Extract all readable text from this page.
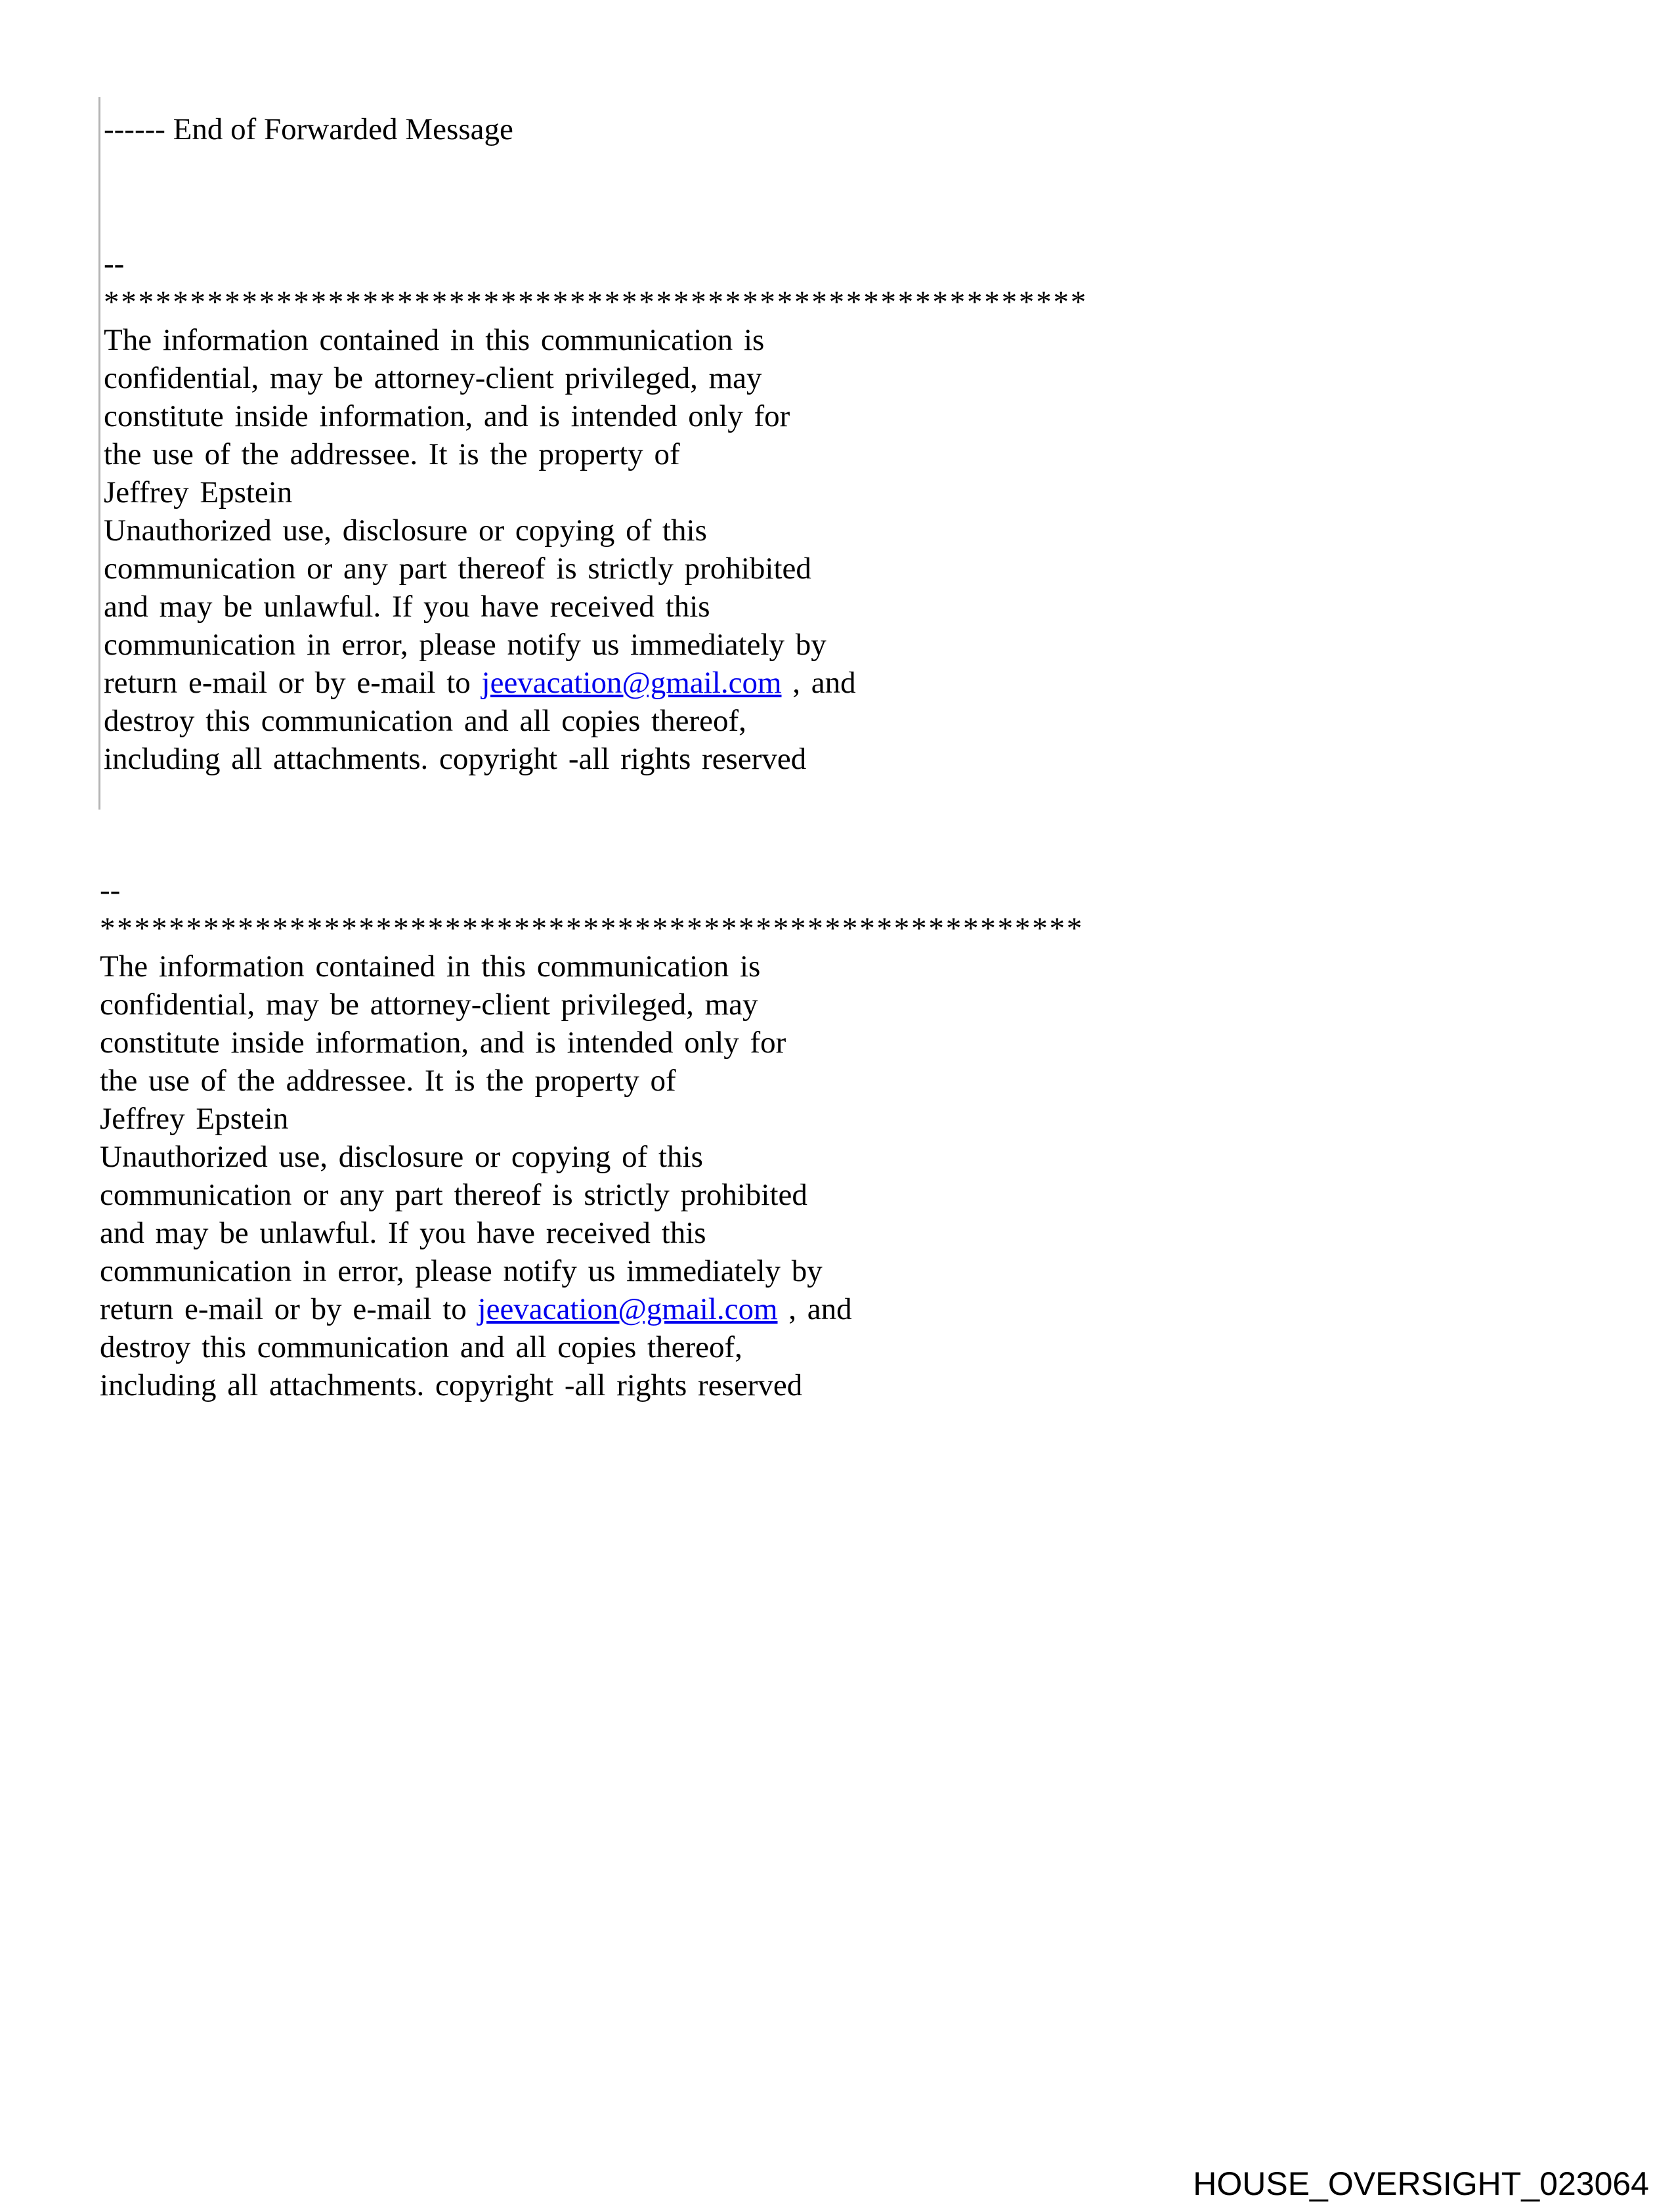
------ End of Forwarded Message
--
*********************************************************
The information contained in this communication is
confidential, may be attorney-client privileged, may
constitute inside information, and is intended only for
the use of the addressee. It is the property of
Jeffrey Epstein
Unauthorized use, disclosure or copying of this
communication or any part thereof is strictly prohibited
and may be unlawful. If you have received this
communication in error, please notify us immediately by
return e-mail or by e-mail to jeevacation@gmail.com , and
destroy this communication and all copies thereof,
including all attachments. copyright -all rights reserved
--
*********************************************************
The information contained in this communication is
confidential, may be attorney-client privileged, may
constitute inside information, and is intended only for
the use of the addressee. It is the property of
Jeffrey Epstein
Unauthorized use, disclosure or copying of this
communication or any part thereof is strictly prohibited
and may be unlawful. If you have received this
communication in error, please notify us immediately by
return e-mail or by e-mail to jeevacation@gmail.com , and
destroy this communication and all copies thereof,
including all attachments. copyright -all rights reserved
HOUSE_OVERSIGHT_023064
